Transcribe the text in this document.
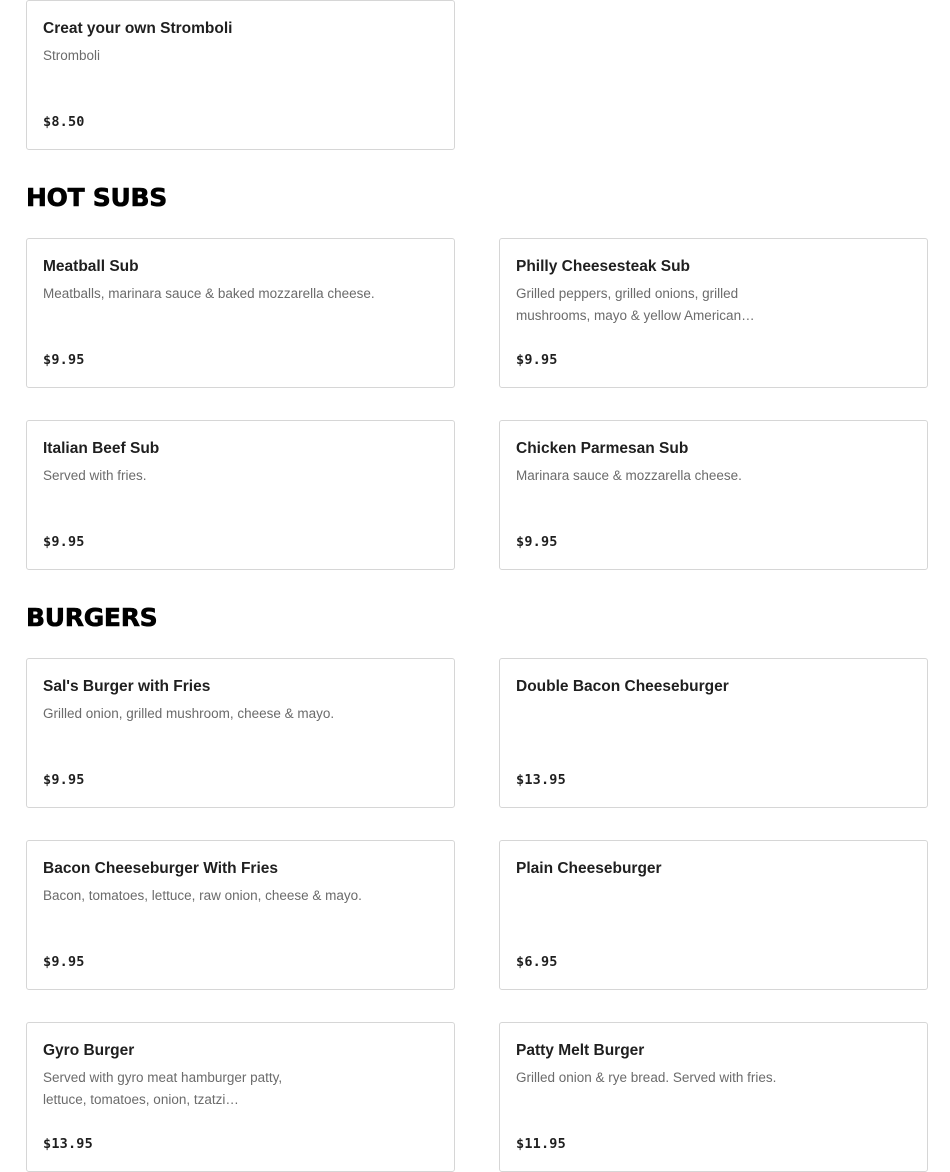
Creat your own Stromboli
Stromboli
$8.50
HOT SUBS
Meatball Sub
Meatballs, marinara sauce & baked mozzarella cheese.
$9.95
Philly Cheesesteak Sub
Grilled peppers, grilled onions, grilled mushrooms, mayo & yellow American…
$9.95
Italian Beef Sub
Served with fries.
$9.95
Chicken Parmesan Sub
Marinara sauce & mozzarella cheese.
$9.95
BURGERS
Sal's Burger with Fries
Grilled onion, grilled mushroom, cheese & mayo.
$9.95
Double Bacon Cheeseburger
$13.95
Bacon Cheeseburger With Fries
Bacon, tomatoes, lettuce, raw onion, cheese & mayo.
$9.95
Plain Cheeseburger
$6.95
Gyro Burger
Served with gyro meat hamburger patty, lettuce, tomatoes, onion, tzatzi…
$13.95
Patty Melt Burger
Grilled onion & rye bread. Served with fries.
$11.95
